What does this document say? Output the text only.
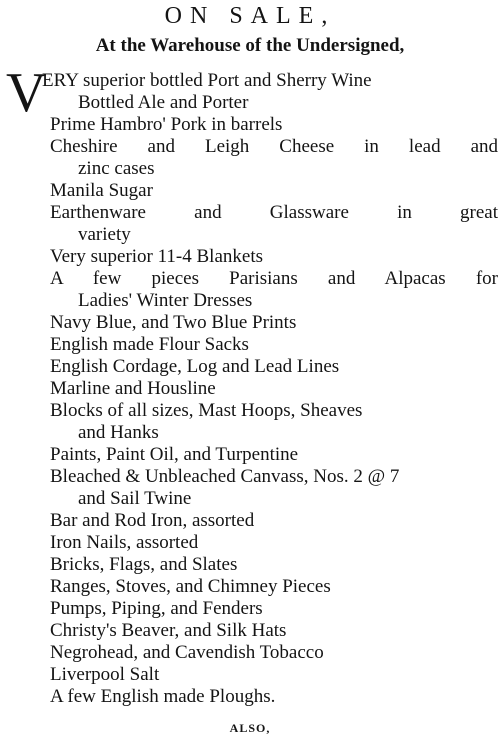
ON SALE,
At the Warehouse of the Undersigned,
V
ERY superior bottled Port and Sherry Wine
Bottled Ale and Porter
Prime Hambro' Pork in barrels
Cheshire and Leigh Cheese in lead and
zinc cases
Manila Sugar
Earthenware and Glassware in great
variety
Very superior 11-4 Blankets
A few pieces Parisians and Alpacas for
Ladies' Winter Dresses
Navy Blue, and Two Blue Prints
English made Flour Sacks
English Cordage, Log and Lead Lines
Marline and Housline
Blocks of all sizes, Mast Hoops, Sheaves
and Hanks
Paints, Paint Oil, and Turpentine
Bleached & Unbleached Canvass, Nos. 2 @ 7
and Sail Twine
Bar and Rod Iron, assorted
Iron Nails, assorted
Bricks, Flags, and Slates
Ranges, Stoves, and Chimney Pieces
Pumps, Piping, and Fenders
Christy's Beaver, and Silk Hats
Negrohead, and Cavendish Tobacco
Liverpool Salt
A few English made Ploughs.
ALSO,
